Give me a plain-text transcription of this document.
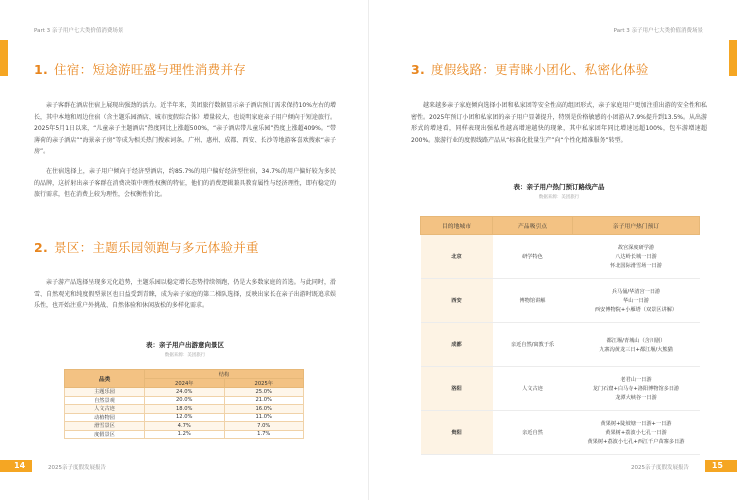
Part 3 亲子用户七大类价值消费场景
1. 住宿：短途游旺盛与理性消费并存
亲子客群在酒店住宿上展现出强劲的活力。近半年来，美团旅行数据显示亲子酒店预订需求保持10%左右的增长，其中本地和周边住宿（含主题乐园酒店、城市度假综合体）增量较大，也说明家庭亲子用户倾向于短途旅行。2025年5月1日以来，“儿童亲子主题酒店”热度同比上涨超500%，“亲子酒店带儿童乐园”热度上涨超409%。“带薄荷的亲子酒店”“海景亲子房”等成为相关热门搜索词条。广州、惠州、成都、西安、长沙等地游客喜欢搜索“亲子房”。
在住宿选择上，亲子用户倾向于经济型酒店，约85.7%的用户偏好经济型住宿，34.7%的用户偏好较为多民的品牌，这折射出亲子客群在消费决策中理性权衡的特征，他们的消费逻辑兼具教育属性与经济理性，即有稳定的旅行需求，但在消费上较为理性，会权衡性价比。
2. 景区：主题乐园领跑与多元体验并重
亲子游产品选择呈现多元化趋势，主题乐园以稳定增长态势持续领跑，仍是大多数家庭的首选。与此同时，滑雪、自然观光和纯度假型景区也日益受到青睐，成为亲子家庭的第二梯队选择，反映出家长在亲子出游时既追求娱乐性，也开始注重户外挑战、自然体验和休闲放松的多样化需求。
表：亲子用户出游意向景区
数据来源：美团旅行
品类	结构	
	2024年	2025年
主题乐园	24.0%	25.0%
自然景观	20.0%	21.0%
人文古迹	18.0%	16.0%
动植物园	12.0%	11.0%
滑雪景区	4.7%	7.0%
度假景区	1.2%	1.7%
14	2025亲子度假发展报告
Part 3 亲子用户七大类价值消费场景
3. 度假线路：更青睐小团化、私密化体验
越来越多亲子家庭倾向选择小团和私家团等安全性高的组团形式，亲子家庭用户更加注重出游的安全性和私密性。2025年预订小团和私家团的亲子用户显著提升，特别是价格敏感的小团游从7.9%提升到13.5%。从出游形式的增速看，同样表现出强私性越高增速越快的现象，其中私家团年同比增速远超100%，包车游增速超200%。旅游行业的度假线路产品从“标准化批量生产”向“个性化精准服务”转型。
表：亲子用户热门预订路线产品
数据来源：美团旅行
目的地城市	产品吸引点	亲子用户热门预订
北京	研学特色	故宫深度研学游
八达岭长城一日游
怀北国际滑雪场一日游

西安	博物馆讲解	兵马俑/华清宫一日游
华山一日游
西安博物院+小雁塔（双景区讲解）

成都	亲近自然/寓教于乐	都江堰/青城山（含川剧）
九寨沟黄龙三日+都江堰/大熊猫

洛阳	人文古迹	老君山一日游
龙门石窟+白马寺+洛阳博物馆多日游
龙潭大峡谷一日游

贵阳	亲近自然	黄果树+陡坡塘一日游+一日游
黄果树+荔波小七孔一日游
黄果树+荔波小七孔+西江千户苗寨多日游
15
2025亲子度假发展报告
